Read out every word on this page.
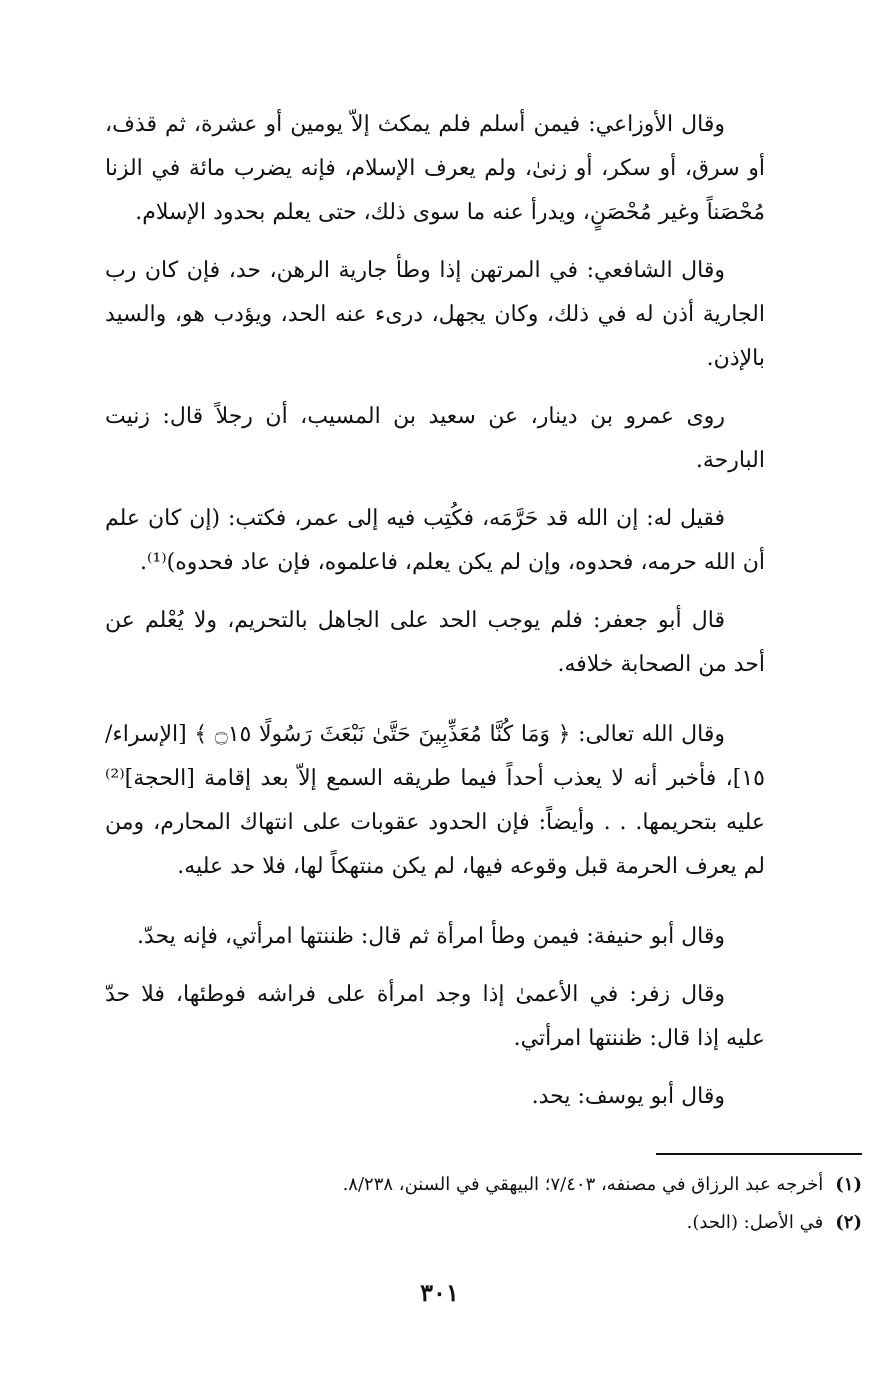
وقال الأوزاعي: فيمن أسلم فلم يمكث إلاّ يومين أو عشرة، ثم قذف، أو سرق، أو سكر، أو زنىٰ، ولم يعرف الإسلام، فإنه يضرب مائة في الزنا مُحْصَناً وغير مُحْصَنٍ، ويدرأ عنه ما سوى ذلك، حتى يعلم بحدود الإسلام.

وقال الشافعي: في المرتهن إذا وطأ جارية الرهن، حد، فإن كان رب الجارية أذن له في ذلك، وكان يجهل، درىء عنه الحد، ويؤدب هو، والسيد بالإذن.

روى عمرو بن دينار، عن سعيد بن المسيب، أن رجلاً قال: زنيت البارحة.

فقيل له: إن الله قد حَرَّمَه، فكُتِب فيه إلى عمر، فكتب: (إن كان علم أن الله حرمه، فحدوه، وإن لم يكن يعلم، فاعلموه، فإن عاد فحدوه)⁽¹⁾.

قال أبو جعفر: فلم يوجب الحد على الجاهل بالتحريم، ولا يُعْلم عن أحد من الصحابة خلافه.

وقال الله تعالى: ﴿ وَمَا كُنَّا مُعَذِّبِينَ حَتَّىٰ نَبْعَثَ رَسُولًا ۝١٥ ﴾ [الإسراء/ ١٥]، فأخبر أنه لا يعذب أحداً فيما طريقه السمع إلاّ بعد إقامة [الحجة]⁽²⁾ عليه بتحريمها. . . وأيضاً: فإن الحدود عقوبات على انتهاك المحارم، ومن لم يعرف الحرمة قبل وقوعه فيها، لم يكن منتهكاً لها، فلا حد عليه.

وقال أبو حنيفة: فيمن وطأ امرأة ثم قال: ظننتها امرأتي، فإنه يحدّ.

وقال زفر: في الأعمىٰ إذا وجد امرأة على فراشه فوطئها، فلا حدّ عليه إذا قال: ظننتها امرأتي.

وقال أبو يوسف: يحد.

(١)أخرجه عبد الرزاق في مصنفه، ٧/٤٠٣؛ البيهقي في السنن، ٨/٢٣٨.

(٢)في الأصل: (الحد).

٣٠١
